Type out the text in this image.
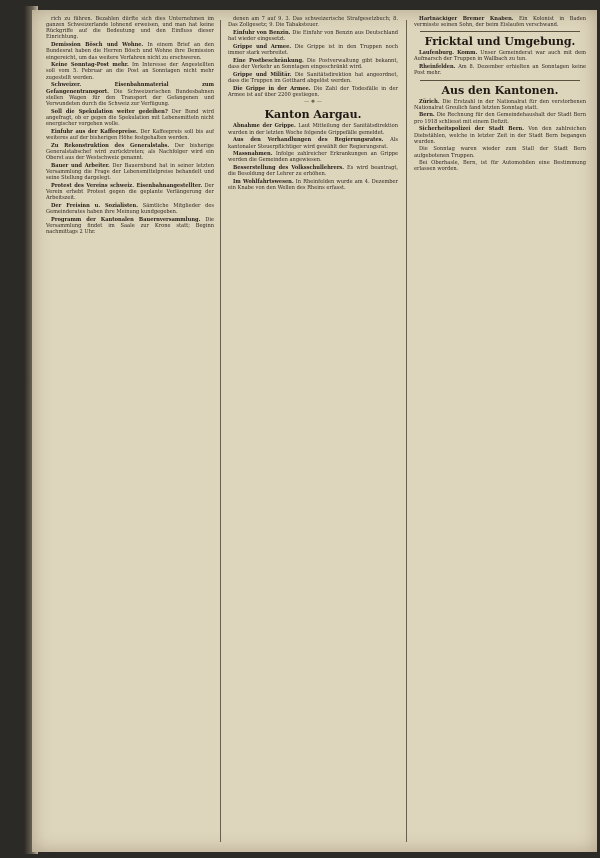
rich zu führen. Bezahlen dürfte sich dies Unternehmen im ganzen Schweizerlande lohnend erweisen, und man hat keine Rückgriffe auf die Bedeutung und den Einfluss dieser Einrichtung.

Demission Bösch und Wohne. In einem Brief an den Bundesrat haben die Herren Bösch und Wohne ihre Demission eingereicht, um das weitere Verfahren nicht zu erschweren.

Keine Sonntag-Post mehr. Im Interesse der Angestellten soll vom 5. Februar an die Post an Sonntagen nicht mehr zugestellt werden.

Schweizer. Eisenbahnmaterial zum Gefangenentransport. Die Schweizerischen Bundesbahnen stellen Wagen für den Transport der Gefangenen und Verwundeten durch die Schweiz zur Verfügung.

Soll die Spekulation weiter gedeihen? Der Bund wird angefragt, ob er gegen die Spekulation mit Lebensmitteln nicht energischer vorgehen wolle.

Einfuhr aus der Kaffeepreise. Der Kaffeepreis soll bis auf weiteres auf der bisherigen Höhe festgehalten werden.

Zu Rekonstruktion des Generalstabs. Der bisherige Generalstabschef wird zurücktreten; als Nachfolger wird ein Oberst aus der Westschweiz genannt.

Bauer und Arbeiter. Der Bauernbund hat in seiner letzten Versammlung die Frage der Lebensmittelpreise behandelt und seine Stellung dargelegt.

Protest des Vereins schweiz. Eisenbahnangestellter. Der Verein erhebt Protest gegen die geplante Verlängerung der Arbeitszeit.

Der Freisinn u. Sozialisten. Sämtliche Mitglieder des Gemeinderates haben ihre Meinung kundgegeben.

Programm der Kantonalen Bauernversammlung. Die Versammlung findet im Saale zur Krone statt; Beginn nachmittags 2 Uhr.

denen am 7 auf 9. 3. Das schweizerische Strafgesetzbuch; 8. Das Zollgesetz; 9. Die Tabaksteuer.

Einfuhr von Benzin. Die Einfuhr von Benzin aus Deutschland hat wieder eingesetzt.

Grippe und Armee. Die Grippe ist in den Truppen noch immer stark verbreitet.

Eine Postbeschränkung. Die Postverwaltung gibt bekannt, dass der Verkehr an Sonntagen eingeschränkt wird.

Grippe und Militär. Die Sanitätsdirektion hat angeordnet, dass die Truppen im Gotthard abgelöst werden.

Die Grippe in der Armee. Die Zahl der Todesfälle in der Armee ist auf über 2200 gestiegen.

— ❖ —
Kanton Aargau.

Abnahme der Grippe. Laut Mitteilung der Sanitätsdirektion wurden in der letzten Woche folgende Grippefälle gemeldet.

Aus den Verhandlungen des Regierungsrates. Als kantonaler Steuerpflichtiger wird gewählt der Regierungsrat.

Massnahmen. Infolge zahlreicher Erkrankungen an Grippe werden die Gemeinden angewiesen.

Besserstellung des Volksschullehrers. Es wird beantragt, die Besoldung der Lehrer zu erhöhen.

Im Wohlfahrtswesen. In Rheinfelden wurde am 4. Dezember ein Knabe von den Wellen des Rheins erfasst.

Hartnäckiger Bremer Knaben. Ein Kolonist in Baden vermisste seinen Sohn, der beim Eislaufen verschwand.

Fricktal und Umgebung.

Laufenburg. Komm. Unser Gemeinderat war auch mit dem Aufmarsch der Truppen in Wallbach zu tun.

Rheinfelden. Am 8. Dezember erhielten an Sonntagen keine Post mehr.

Aus den Kantonen.

Zürich. Die Erstzahl in der Nationalrat für den verstorbenen Nationalrat Greulich fand letzten Sonntag statt.

Bern. Die Rechnung für den Gemeindehaushalt der Stadt Bern pro 1918 schliesst mit einem Defizit.

Sicherheitspolizei der Stadt Bern. Von den zahlreichen Diebstählen, welche in letzter Zeit in der Stadt Bern begangen wurden.

Die Sonntag waren wieder zum Stall der Stadt Bern aufgebotenen Truppen.

Bei Oberhasle, Bern, ist für Automobilen eine Bestimmung erlassen worden.
